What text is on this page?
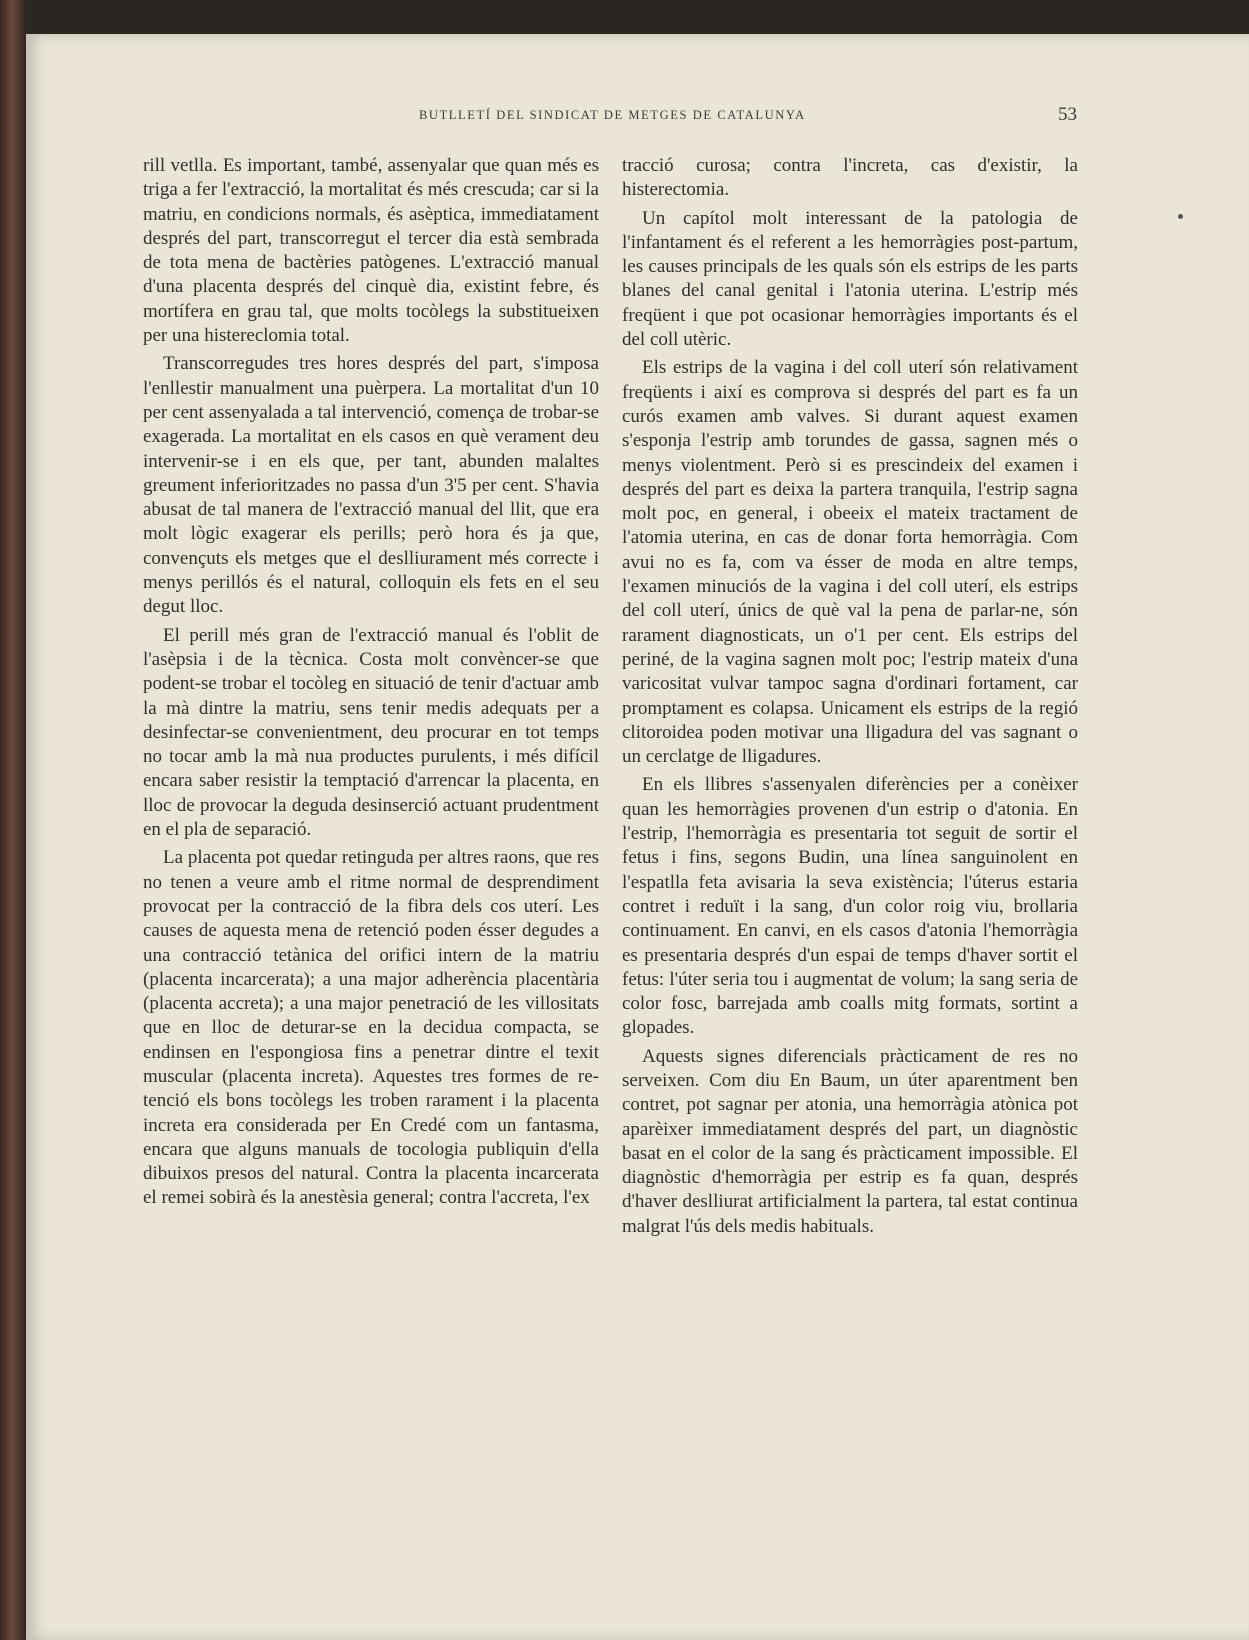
BUTLLETÍ DEL SINDICAT DE METGES DE CATALUNYA	53

rill vetlla. Es important, també, assenyalar que quan més es triga a fer l'extracció, la mortalitat és més crescuda; car si la matriu, en condicions normals, és asèptica, immediatament després del part, transcorregut el tercer dia està sembrada de tota mena de bactèries patògenes. L'extracció manual d'una placenta després del cinquè dia, existint febre, és mortífera en grau tal, que molts tocòlegs la substitueixen per una histereclomia total.

Transcorregudes tres hores després del part, s'imposa l'enllestir manualment una puèrpera. La mortalitat d'un 10 per cent assenyalada a tal intervenció, comença de trobar-se exagerada. La mortalitat en els casos en què verament deu intervenir-se i en els que, per tant, abunden malaltes greument inferioritzades no passa d'un 3'5 per cent. S'havia abusat de tal manera de l'extracció manual del llit, que era molt lògic exagerar els perills; però hora és ja que, convençuts els metges que el deslliurament més correcte i menys perillós és el natural, colloquin els fets en el seu degut lloc.

El perill més gran de l'extracció manual és l'oblit de l'asèpsia i de la tècnica. Costa molt convèncer-se que podent-se trobar el tocòleg en situació de tenir d'actuar amb la mà dintre la matriu, sens tenir medis adequats per a desinfectar-se convenientment, deu procurar en tot temps no tocar amb la mà nua productes purulents, i més difícil encara saber resistir la temptació d'arrencar la placenta, en lloc de provocar la deguda desinserció actuant prudentment en el pla de separació.

La placenta pot quedar retinguda per altres raons, que res no tenen a veure amb el ritme normal de desprendiment provocat per la contracció de la fibra dels cos uterí. Les causes de aquesta mena de retenció poden ésser degudes a una contracció tetànica del orifici intern de la matriu (placenta incarcerata); a una major adherència placentària (placenta accreta); a una major penetració de les villositats que en lloc de deturar-se en la decidua compacta, se endinsen en l'espongiosa fins a penetrar dintre el texit muscular (placenta increta). Aquestes tres formes de retenció els bons tocòlegs les troben rarament i la placenta increta era considerada per En Credé com un fantasma, encara que alguns manuals de tocologia publiquin d'ella dibuixos presos del natural. Contra la placenta incarcerata el remei sobirà és la anestèsia general; contra l'accreta, l'ex

tracció curosa; contra l'increta, cas d'existir, la histerectomia.

Un capítol molt interessant de la patologia de l'infantament és el referent a les hemorràgies post-partum, les causes principals de les quals són els estrips de les parts blanes del canal genital i l'atonia uterina. L'estrip més freqüent i que pot ocasionar hemorràgies importants és el del coll utèric.

Els estrips de la vagina i del coll uterí són relativament freqüents i així es comprova si després del part es fa un curós examen amb valves. Si durant aquest examen s'esponja l'estrip amb torundes de gassa, sagnen més o menys violentment. Però si es prescindeix del examen i després del part es deixa la partera tranquila, l'estrip sagna molt poc, en general, i obeeix el mateix tractament de l'atomia uterina, en cas de donar forta hemorràgia. Com avui no es fa, com va ésser de moda en altre temps, l'examen minuciós de la vagina i del coll uterí, els estrips del coll uterí, únics de què val la pena de parlar-ne, són rarament diagnosticats, un o'1 per cent. Els estrips del periné, de la vagina sagnen molt poc; l'estrip mateix d'una varicositat vulvar tampoc sagna d'ordinari fortament, car promptament es colapsa. Unicament els estrips de la regió clitoroidea poden motivar una lligadura del vas sagnant o un cerclatge de lligadures.

En els llibres s'assenyalen diferències per a conèixer quan les hemorràgies provenen d'un estrip o d'atonia. En l'estrip, l'hemorràgia es presentaria tot seguit de sortir el fetus i fins, segons Budin, una línea sanguinolent en l'espatlla feta avisaria la seva existència; l'úterus estaria contret i reduït i la sang, d'un color roig viu, brollaria continuament. En canvi, en els casos d'atonia l'hemorràgia es presentaria després d'un espai de temps d'haver sortit el fetus: l'úter seria tou i augmentat de volum; la sang seria de color fosc, barrejada amb coalls mitg formats, sortint a glopades.

Aquests signes diferencials pràcticament de res no serveixen. Com diu En Baum, un úter aparentment ben contret, pot sagnar per atonia, una hemorràgia atònica pot aparèixer immediatament després del part, un diagnòstic basat en el color de la sang és pràcticament impossible. El diagnòstic d'hemorràgia per estrip es fa quan, després d'haver deslliurat artificialment la partera, tal estat continua malgrat l'ús dels medis habituals.
